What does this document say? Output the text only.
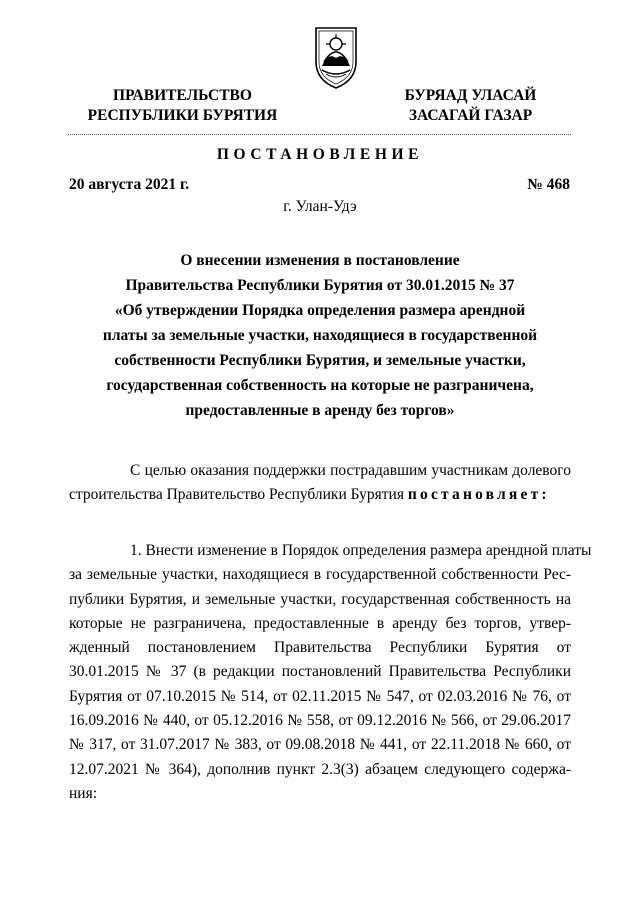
ПРАВИТЕЛЬСТВО
РЕСПУБЛИКИ БУРЯТИЯ
БУРЯАД УЛАСАЙ
ЗАСАГАЙ ГАЗАР
ПОСТАНОВЛЕНИЕ
20 августа 2021 г.	№ 468
г. Улан-Удэ
О внесении изменения в постановление
Правительства Республики Бурятия от 30.01.2015 № 37
«Об утверждении Порядка определения размера арендной
платы за земельные участки, находящиеся в государственной
собственности Республики Бурятия, и земельные участки,
государственная собственность на которые не разграничена,
предоставленные в аренду без торгов»
С целью оказания поддержки пострадавшим участникам долевого
строительства Правительство Республики Бурятия постановляет:
1. Внести изменение в Порядок определения размера арендной платы
за земельные участки, находящиеся в государственной собственности Рес-
публики Бурятия, и земельные участки, государственная собственность на
которые не разграничена, предоставленные в аренду без торгов, утвер-
жденный постановлением Правительства Республики Бурятия от
30.01.2015 № 37 (в редакции постановлений Правительства Республики
Бурятия от 07.10.2015 № 514, от 02.11.2015 № 547, от 02.03.2016 № 76, от
16.09.2016 № 440, от 05.12.2016 № 558, от 09.12.2016 № 566, от 29.06.2017
№ 317, от 31.07.2017 № 383, от 09.08.2018 № 441, от 22.11.2018 № 660, от
12.07.2021 № 364), дополнив пункт 2.3(3) абзацем следующего содержа-
ния:
